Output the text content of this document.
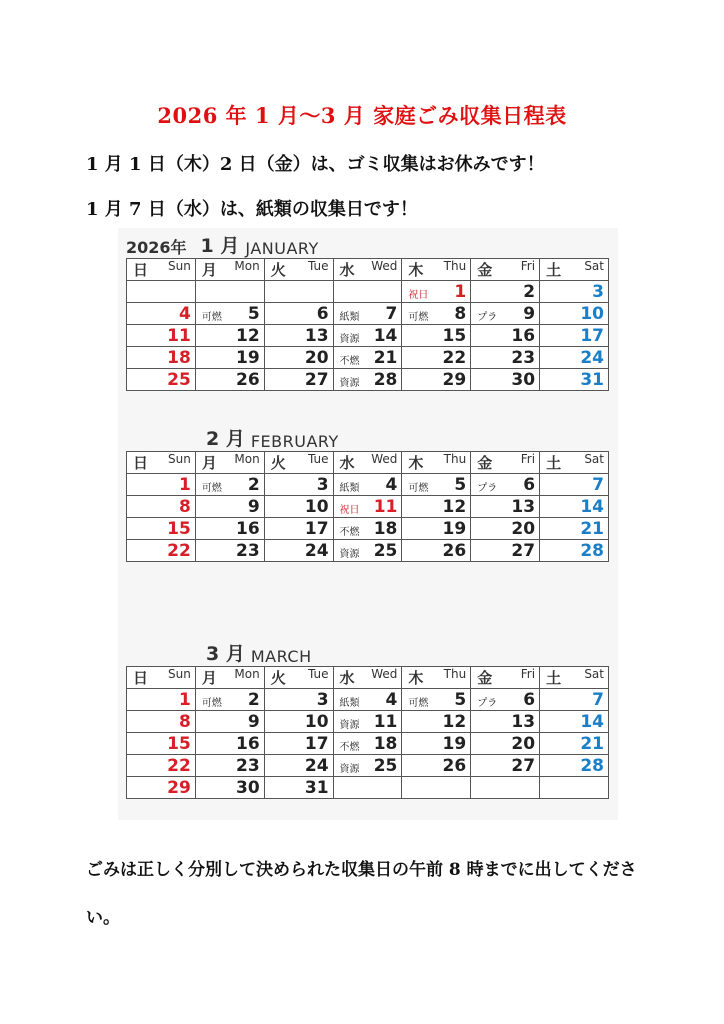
2026 年 1 月〜3 月 家庭ごみ収集日程表
1 月 1 日（木）2 日（金）は、ゴミ収集はお休みです！
1 月 7 日（水）は、紙類の収集日です！
2026年 1 月 JANUARY
日 Sun	月 Mon	火 Tue	水 Wed	木 Thu	金 Fri	土 Sat

				祝日 1	2	3
4	可燃 5	6	紙類 7	可燃 8	プラ 9	10
11	12	13	資源 14	15	16	17
18	19	20	不燃 21	22	23	24
25	26	27	資源 28	29	30	31
2 月 FEBRUARY
日 Sun	月 Mon	火 Tue	水 Wed	木 Thu	金 Fri	土 Sat
1	可燃 2	3	紙類 4	可燃 5	プラ 6	7
8	9	10	祝日 11	12	13	14
15	16	17	不燃 18	19	20	21
22	23	24	資源 25	26	27	28
3 月 MARCH
日 Sun	月 Mon	火 Tue	水 Wed	木 Thu	金 Fri	土 Sat
1	可燃 2	3	紙類 4	可燃 5	プラ 6	7
8	9	10	資源 11	12	13	14
15	16	17	不燃 18	19	20	21
22	23	24	資源 25	26	27	28
29	30	31				
ごみは正しく分別して決められた収集日の午前 8 時までに出してください。
